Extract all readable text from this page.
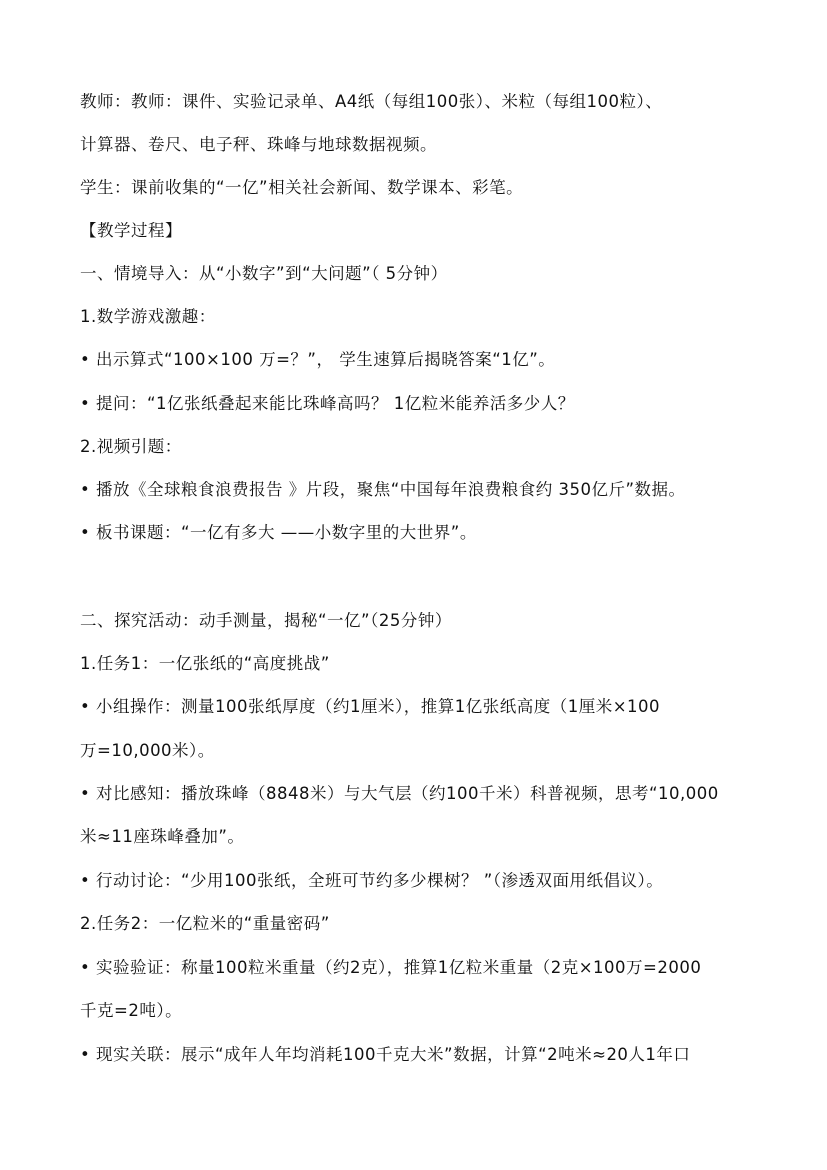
教师：教师：课件、实验记录单、A4纸（每组100张）、米粒（每组100粒）、
计算器、卷尺、电子秤、珠峰与地球数据视频。
学生：课前收集的“一亿”相关社会新闻、数学课本、彩笔。
【教学过程】
一、情境导入：从“小数字”到“大问题”（ 5分钟）
1.数学游戏激趣：
• 出示算式“100×100 万=？”， 学生速算后揭晓答案“1亿”。
• 提问：“1亿张纸叠起来能比珠峰高吗？ 1亿粒米能养活多少人？
2.视频引题：
• 播放《全球粮食浪费报告 》片段，聚焦“中国每年浪费粮食约 350亿斤”数据。
• 板书课题：“一亿有多大 ——小数字里的大世界”。
二、探究活动：动手测量，揭秘“一亿”（25分钟）
1.任务1：一亿张纸的“高度挑战”
• 小组操作：测量100张纸厚度（约1厘米），推算1亿张纸高度（1厘米×100
万=10,000米）。
• 对比感知：播放珠峰（8848米）与大气层（约100千米）科普视频，思考“10,000
米≈11座珠峰叠加”。
• 行动讨论：“少用100张纸，全班可节约多少棵树？ ”（渗透双面用纸倡议）。
2.任务2：一亿粒米的“重量密码”
• 实验验证：称量100粒米重量（约2克），推算1亿粒米重量（2克×100万=2000
千克=2吨）。
• 现实关联：展示“成年人年均消耗100千克大米”数据，计算“2吨米≈20人1年口
